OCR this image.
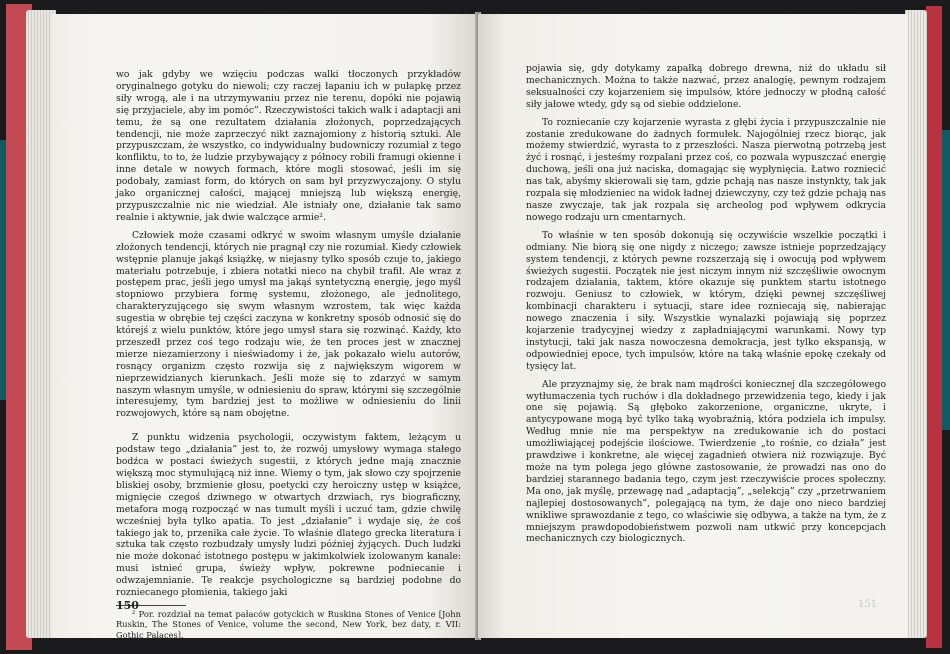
wo jak gdyby we wzięciu podczas walki tłoczonych przykładów oryginalnego gotyku do niewoli; czy raczej łapaniu ich w pułapkę przez siły wrogą, ale i na utrzymywaniu przez nie terenu, dopóki nie pojawią się przyjaciele, aby im pomóc”. Rzeczywistości takich walk i adaptacji ani temu, że są one rezultatem działania złożonych, poprzedzających tendencji, nie może zaprzeczyć nikt zaznajomiony z historią sztuki. Ale przypuszczam, że wszystko, co indywidualny budowniczy rozumiał z tego konfliktu, to to, że ludzie przybywający z północy robili framugi okienne i inne detale w nowych formach, które mogli stosować, jeśli im się podobały, zamiast form, do których on sam był przyzwyczajony. O stylu jako organicznej całości, mającej mniejszą lub większą energię, przypuszczalnie nic nie wiedział. Ale istniały one, działanie tak samo realnie i aktywnie, jak dwie walczące armie².

Człowiek może czasami odkryć w swoim własnym umyśle działanie złożonych tendencji, których nie pragnął czy nie rozumiał. Kiedy człowiek wstępnie planuje jakąś książkę, w niejasny tylko sposób czuje to, jakiego materiału potrzebuje, i zbiera notatki nieco na chybił trafił. Ale wraz z postępem prac, jeśli jego umysł ma jakąś syntetyczną energię, jego myśl stopniowo przybiera formę systemu, złożonego, ale jednolitego, charakteryzującego się swym własnym wzrostem, tak więc każda sugestia w obrębie tej części zaczyna w konkretny sposób odnosić się do którejś z wielu punktów, które jego umysł stara się rozwinąć. Każdy, kto przeszedł przez coś tego rodzaju wie, że ten proces jest w znacznej mierze niezamierzony i nieświadomy i że, jak pokazało wielu autorów, rosnący organizm często rozwija się z największym wigorem w nieprzewidzianych kierunkach. Jeśli może się to zdarzyć w samym naszym własnym umyśle, w odniesieniu do spraw, którymi się szczególnie interesujemy, tym bardziej jest to możliwe w odniesieniu do linii rozwojowych, które są nam obojętne.

Z punktu widzenia psychologii, oczywistym faktem, leżącym u podstaw tego „działania” jest to, że rozwój umysłowy wymaga stałego bodźca w postaci świeżych sugestii, z których jedne mają znacznie większą moc stymulującą niż inne. Wiemy o tym, jak słowo czy spojrzenie bliskiej osoby, brzmienie głosu, poetycki czy heroiczny ustęp w książce, mignięcie czegoś dziwnego w otwartych drzwiach, rys biograficzny, metafora mogą rozpocząć w nas tumult myśli i uczuć tam, gdzie chwilę wcześniej była tylko apatia. To jest „działanie” i wydaje się, że coś takiego jak to, przenika całe życie. To właśnie dlatego grecka literatura i sztuka tak często rozbudzały umysły ludzi później żyjących. Duch ludzki nie może dokonać istotnego postępu w jakimkolwiek izolowanym kanale: musi istnieć grupa, świeży wpływ, pokrewne podniecanie i odwzajemnianie. Te reakcje psychologiczne są bardziej podobne do rozniecanego płomienia, takiego jaki

² Por. rozdział na temat pałaców gotyckich w Ruskina Stones of Venice [John Ruskin, The Stones of Venice, volume the second, New York, bez daty, r. VII: Gothic Palaces].

150

pojawia się, gdy dotykamy zapałką dobrego drewna, niż do układu sił mechanicznych. Można to także nazwać, przez analogię, pewnym rodzajem seksualności czy kojarzeniem się impulsów, które jednoczy w płodną całość siły jałowe wtedy, gdy są od siebie oddzielone.

To rozniecanie czy kojarzenie wyrasta z głębi życia i przypuszczalnie nie zostanie zredukowane do żadnych formułek. Najogólniej rzecz biorąc, jak możemy stwierdzić, wyrasta to z przeszłości. Nasza pierwotną potrzebą jest żyć i rosnąć, i jesteśmy rozpalani przez coś, co pozwala wypuszczać energię duchową, jeśli ona już naciska, domagając się wypłynięcia. Łatwo rozniecić nas tak, abyśmy skierowali się tam, gdzie pchają nas nasze instynkty, tak jak rozpala się młodzieniec na widok ładnej dziewczyny, czy też gdzie pchają nas nasze zwyczaje, tak jak rozpala się archeolog pod wpływem odkrycia nowego rodzaju urn cmentarnych.

To właśnie w ten sposób dokonują się oczywiście wszelkie początki i odmiany. Nie biorą się one nigdy z niczego; zawsze istnieje poprzedzający system tendencji, z których pewne rozszerzają się i owocują pod wpływem świeżych sugestii. Początek nie jest niczym innym niż szczęśliwie owocnym rodzajem działania, taktem, które okazuje się punktem startu istotnego rozwoju. Geniusz to człowiek, w którym, dzięki pewnej szczęśliwej kombinacji charakteru i sytuacji, stare idee rozniecają się, nabierając nowego znaczenia i siły. Wszystkie wynalazki pojawiają się poprzez kojarzenie tradycyjnej wiedzy z zapładniającymi warunkami. Nowy typ instytucji, taki jak nasza nowoczesna demokracja, jest tylko ekspansją, w odpowiedniej epoce, tych impulsów, które na taką właśnie epokę czekały od tysięcy lat.

Ale przyznajmy się, że brak nam mądrości koniecznej dla szczegółowego wytłumaczenia tych ruchów i dla dokładnego przewidzenia tego, kiedy i jak one się pojawią. Są głęboko zakorzenione, organiczne, ukryte, i antycypowane mogą być tylko taką wyobraźnią, która podziela ich impulsy. Według mnie nie ma perspektyw na zredukowanie ich do postaci umożliwiającej podejście ilościowe. Twierdzenie „to rośnie, co działa” jest prawdziwe i konkretne, ale więcej zagadnień otwiera niż rozwiązuje. Być może na tym polega jego główne zastosowanie, że prowadzi nas ono do bardziej starannego badania tego, czym jest rzeczywiście proces społeczny. Ma ono, jak myślę, przewagę nad „adaptacją”, „selekcją” czy „przetrwaniem najlepiej dostosowanych”, polegającą na tym, że daje ono nieco bardziej wnikliwe sprawozdanie z tego, co właściwie się odbywa, a także na tym, że z mniejszym prawdopodobieństwem pozwoli nam utkwić przy koncepcjach mechanicznych czy biologicznych.

151
